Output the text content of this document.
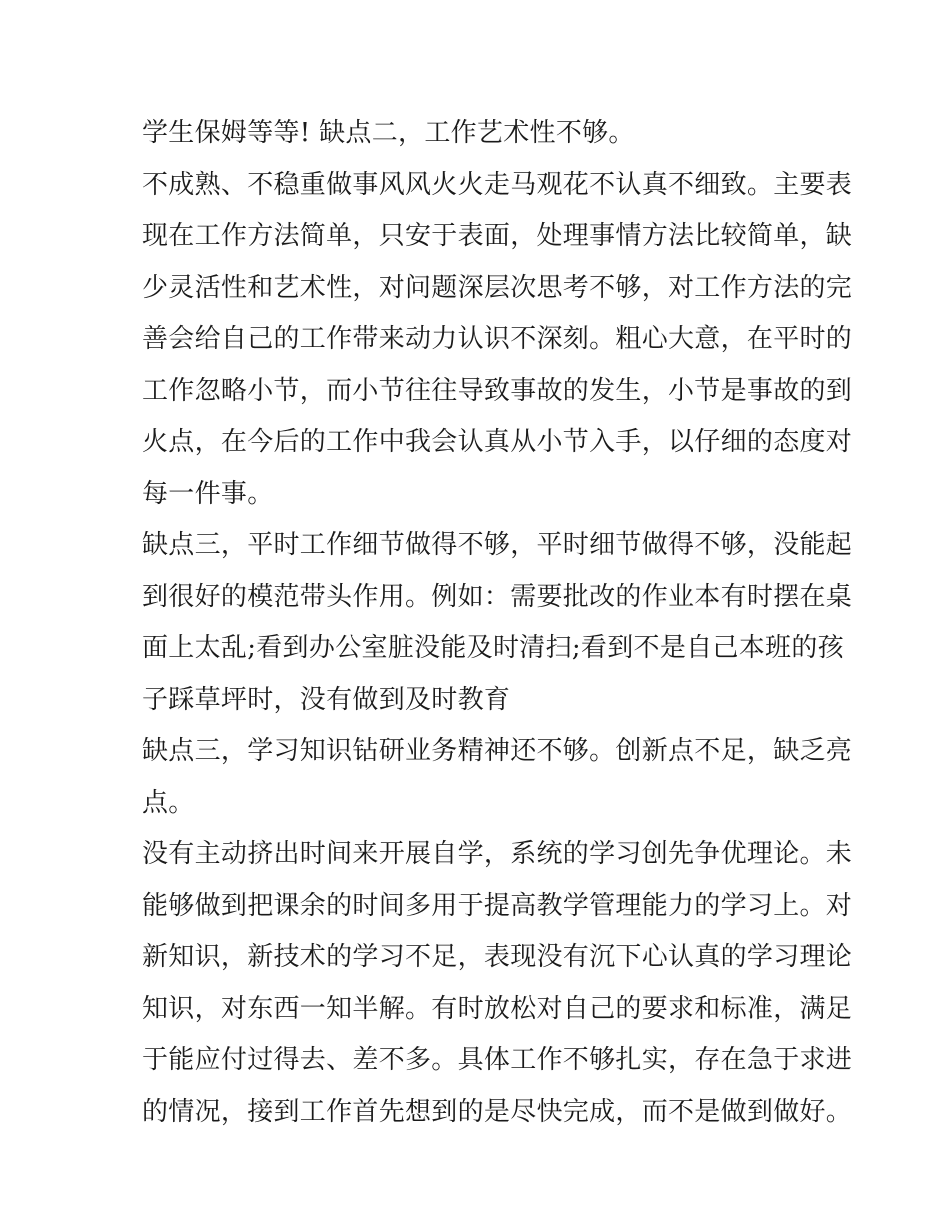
学生保姆等等! 缺点二，工作艺术性不够。
不成熟、不稳重做事风风火火走马观花不认真不细致。主要表
现在工作方法简单，只安于表面，处理事情方法比较简单，缺
少灵活性和艺术性，对问题深层次思考不够，对工作方法的完
善会给自己的工作带来动力认识不深刻。粗心大意，在平时的
工作忽略小节，而小节往往导致事故的发生，小节是事故的到
火点，在今后的工作中我会认真从小节入手，以仔细的态度对
每一件事。
缺点三，平时工作细节做得不够，平时细节做得不够，没能起
到很好的模范带头作用。例如：需要批改的作业本有时摆在桌
面上太乱;看到办公室脏没能及时清扫;看到不是自己本班的孩
子踩草坪时，没有做到及时教育
缺点三，学习知识钻研业务精神还不够。创新点不足，缺乏亮
点。
没有主动挤出时间来开展自学，系统的学习创先争优理论。未
能够做到把课余的时间多用于提高教学管理能力的学习上。对
新知识，新技术的学习不足，表现没有沉下心认真的学习理论
知识，对东西一知半解。有时放松对自己的要求和标准，满足
于能应付过得去、差不多。具体工作不够扎实，存在急于求进
的情况，接到工作首先想到的是尽快完成，而不是做到做好。
